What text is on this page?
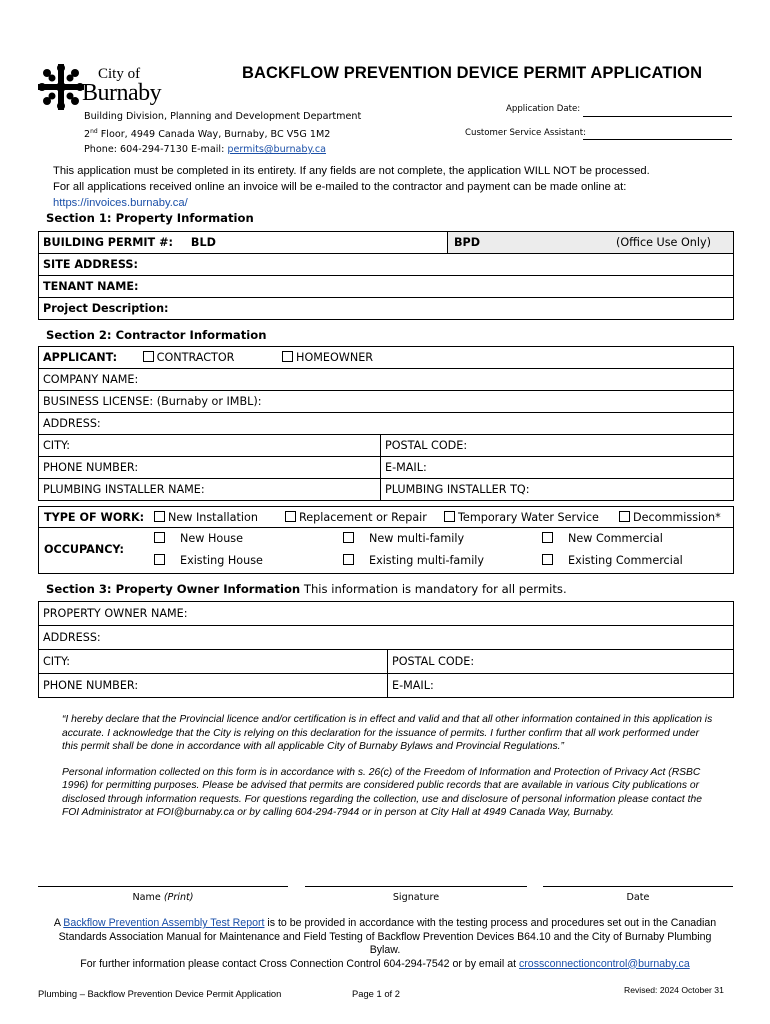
City of
Burnaby
BACKFLOW PREVENTION DEVICE PERMIT APPLICATION
Building Division, Planning and Development Department
2nd Floor, 4949 Canada Way, Burnaby, BC V5G 1M2
Phone: 604-294-7130 E-mail: permits@burnaby.ca
Application Date:
Customer Service Assistant:
This application must be completed in its entirety. If any fields are not complete, the application WILL NOT be processed.
For all applications received online an invoice will be e-mailed to the contractor and payment can be made online at:
https://invoices.burnaby.ca/
Section 1: Property Information
BUILDING PERMIT #: BLD	BPD	(Office Use Only)

SITE ADDRESS:
TENANT NAME:
Project Description:
Section 2: Contractor Information
APPLICANT: CONTRACTOR HOMEOWNER	
COMPANY NAME:	
BUSINESS LICENSE: (Burnaby or IMBL):	
ADDRESS:	
CITY:	POSTAL CODE:
PHONE NUMBER:	E-MAIL:
PLUMBING INSTALLER NAME:	PLUMBING INSTALLER TQ:
TYPE OF WORK:	New Installation	Replacement or Repair	Temporary Water Service	Decommission*
OCCUPANCY:
New House	New multi-family	New Commercial
Existing House	Existing multi-family	Existing Commercial
Section 3: Property Owner Information This information is mandatory for all permits.
PROPERTY OWNER NAME:	
ADDRESS:	
CITY:	POSTAL CODE:
PHONE NUMBER:	E-MAIL:
“I hereby declare that the Provincial licence and/or certification is in effect and valid and that all other information contained in this application is accurate. I acknowledge that the City is relying on this declaration for the issuance of permits. I further confirm that all work performed under this permit shall be done in accordance with all applicable City of Burnaby Bylaws and Provincial Regulations.”
Personal information collected on this form is in accordance with s. 26(c) of the Freedom of Information and Protection of Privacy Act (RSBC 1996) for permitting purposes. Please be advised that permits are considered public records that are available in various City publications or disclosed through information requests. For questions regarding the collection, use and disclosure of personal information please contact the FOI Administrator at FOI@burnaby.ca or by calling 604-294-7944 or in person at City Hall at 4949 Canada Way, Burnaby.
Name (Print)	Signature	Date
A Backflow Prevention Assembly Test Report is to be provided in accordance with the testing process and procedures set out in the Canadian Standards Association Manual for Maintenance and Field Testing of Backflow Prevention Devices B64.10 and the City of Burnaby Plumbing Bylaw.
For further information please contact Cross Connection Control 604-294-7542 or by email at crossconnectioncontrol@burnaby.ca
Plumbing – Backflow Prevention Device Permit Application	Page 1 of 2	Revised: 2024 October 31
